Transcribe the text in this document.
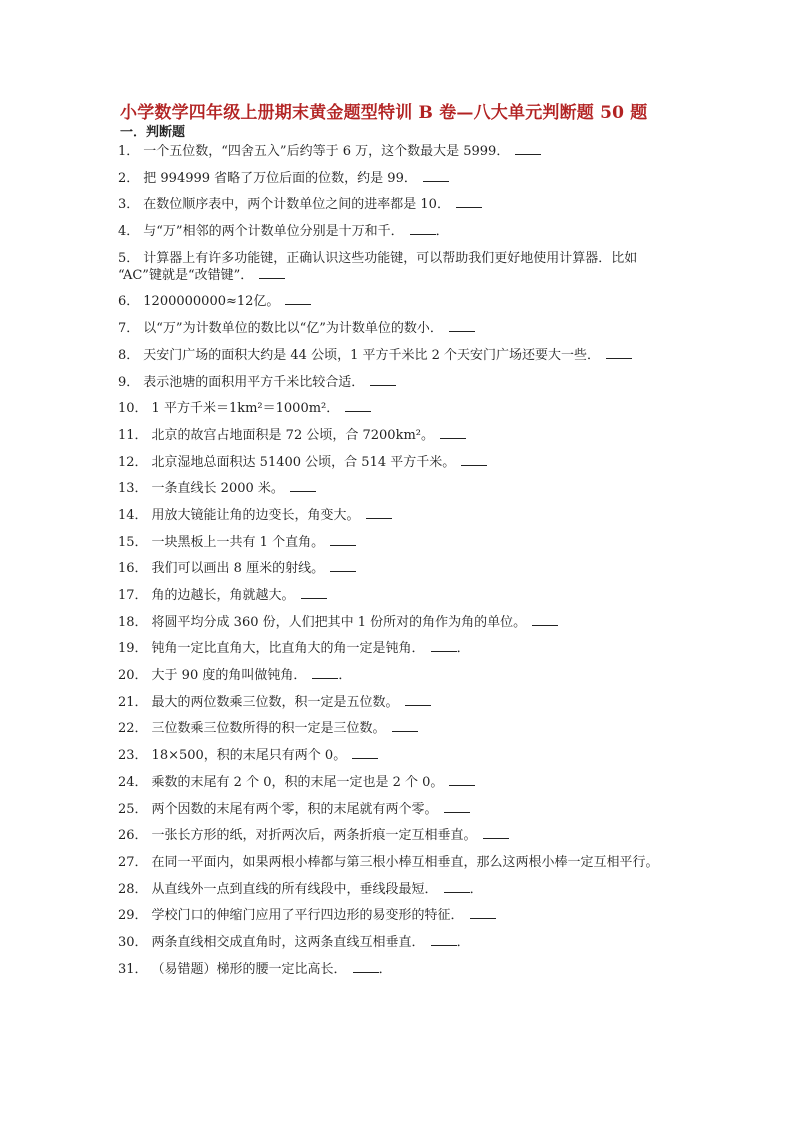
小学数学四年级上册期末黄金题型特训 B 卷—八大单元判断题 50 题
一．判断题
1． 一个五位数，“四舍五入”后约等于 6 万，这个数最大是 5999．
2． 把 994999 省略了万位后面的位数，约是 99．
3． 在数位顺序表中，两个计数单位之间的进率都是 10．
4． 与“万”相邻的两个计数单位分别是十万和千． ．
5． 计算器上有许多功能键，正确认识这些功能键，可以帮助我们更好地使用计算器．比如
“AC”键就是“改错键”．
6． 1200000000≈12亿。
7． 以“万”为计数单位的数比以“亿”为计数单位的数小．
8． 天安门广场的面积大约是 44 公顷，1 平方千米比 2 个天安门广场还要大一些．
9． 表示池塘的面积用平方千米比较合适．
10． 1 平方千米＝1km²＝1000m²．
11． 北京的故宫占地面积是 72 公顷，合 7200km²。
12． 北京湿地总面积达 51400 公顷，合 514 平方千米。
13． 一条直线长 2000 米。
14． 用放大镜能让角的边变长，角变大。
15． 一块黑板上一共有 1 个直角。
16． 我们可以画出 8 厘米的射线。
17． 角的边越长，角就越大。
18． 将圆平均分成 360 份，人们把其中 1 份所对的角作为角的单位。
19． 钝角一定比直角大，比直角大的角一定是钝角． ．
20． 大于 90 度的角叫做钝角． ．
21． 最大的两位数乘三位数，积一定是五位数。
22． 三位数乘三位数所得的积一定是三位数。
23． 18×500，积的末尾只有两个 0。
24． 乘数的末尾有 2 个 0，积的末尾一定也是 2 个 0。
25． 两个因数的末尾有两个零，积的末尾就有两个零。
26． 一张长方形的纸，对折两次后，两条折痕一定互相垂直。
27． 在同一平面内，如果两根小棒都与第三根小棒互相垂直，那么这两根小棒一定互相平行。
28． 从直线外一点到直线的所有线段中，垂线段最短． ．
29． 学校门口的伸缩门应用了平行四边形的易变形的特征．
30． 两条直线相交成直角时，这两条直线互相垂直． ．
31． （易错题）梯形的腰一定比高长． ．
